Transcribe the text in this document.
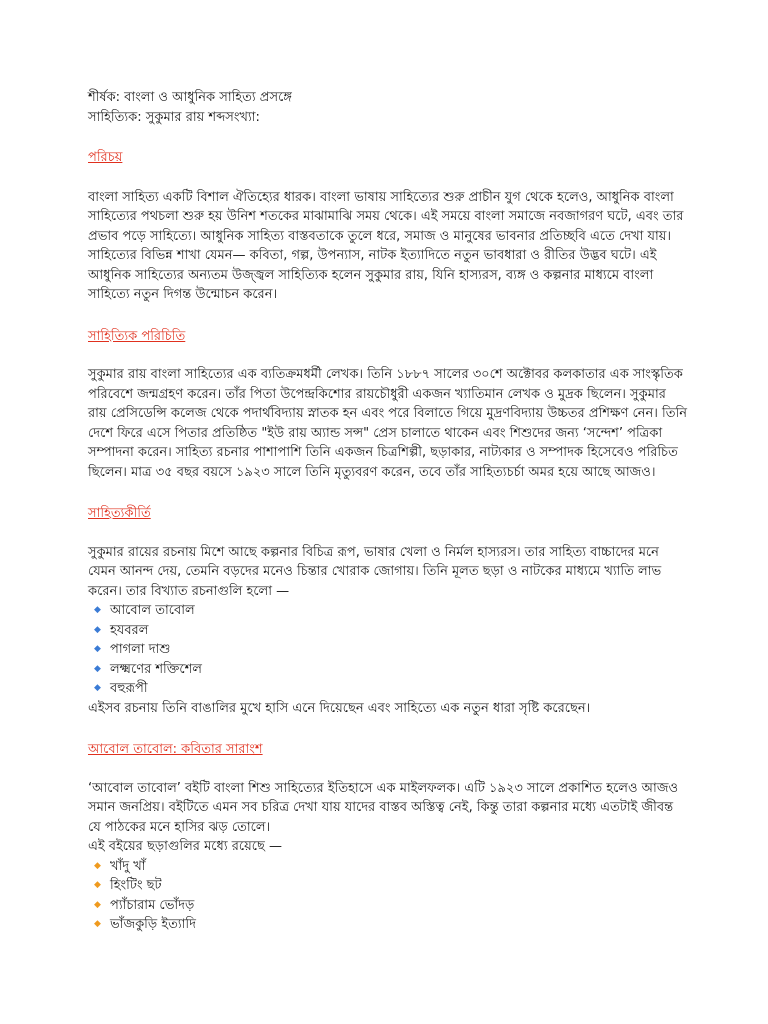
শীর্ষক: বাংলা ও আধুনিক সাহিত্য প্রসঙ্গে

সাহিত্যিক: সুকুমার রায় শব্দসংখ্যা:

পরিচয়

বাংলা সাহিত্য একটি বিশাল ঐতিহ্যের ধারক। বাংলা ভাষায় সাহিত্যের শুরু প্রাচীন যুগ থেকে হলেও, আধুনিক বাংলা সাহিত্যের পথচলা শুরু হয় উনিশ শতকের মাঝামাঝি সময় থেকে। এই সময়ে বাংলা সমাজে নবজাগরণ ঘটে, এবং তার প্রভাব পড়ে সাহিত্যে। আধুনিক সাহিত্য বাস্তবতাকে তুলে ধরে, সমাজ ও মানুষের ভাবনার প্রতিচ্ছবি এতে দেখা যায়। সাহিত্যের বিভিন্ন শাখা যেমন— কবিতা, গল্প, উপন্যাস, নাটক ইত্যাদিতে নতুন ভাবধারা ও রীতির উদ্ভব ঘটে। এই আধুনিক সাহিত্যের অন্যতম উজ্জ্বল সাহিত্যিক হলেন সুকুমার রায়, যিনি হাস্যরস, ব্যঙ্গ ও কল্পনার মাধ্যমে বাংলা সাহিত্যে নতুন দিগন্ত উন্মোচন করেন।

সাহিত্যিক পরিচিতি

সুকুমার রায় বাংলা সাহিত্যের এক ব্যতিক্রমধর্মী লেখক। তিনি ১৮৮৭ সালের ৩০শে অক্টোবর কলকাতার এক সাংস্কৃতিক পরিবেশে জন্মগ্রহণ করেন। তাঁর পিতা উপেন্দ্রকিশোর রায়চৌধুরী একজন খ্যাতিমান লেখক ও মুদ্রক ছিলেন। সুকুমার রায় প্রেসিডেন্সি কলেজ থেকে পদার্থবিদ্যায় স্নাতক হন এবং পরে বিলাতে গিয়ে মুদ্রণবিদ্যায় উচ্চতর প্রশিক্ষণ নেন। তিনি দেশে ফিরে এসে পিতার প্রতিষ্ঠিত "ইউ রায় অ্যান্ড সন্স" প্রেস চালাতে থাকেন এবং শিশুদের জন্য ‘সন্দেশ’ পত্রিকা সম্পাদনা করেন। সাহিত্য রচনার পাশাপাশি তিনি একজন চিত্রশিল্পী, ছড়াকার, নাট্যকার ও সম্পাদক হিসেবেও পরিচিত ছিলেন। মাত্র ৩৫ বছর বয়সে ১৯২৩ সালে তিনি মৃত্যুবরণ করেন, তবে তাঁর সাহিত্যচর্চা অমর হয়ে আছে আজও।

সাহিত্যকীর্তি

সুকুমার রায়ের রচনায় মিশে আছে কল্পনার বিচিত্র রূপ, ভাষার খেলা ও নির্মল হাস্যরস। তার সাহিত্য বাচ্চাদের মনে যেমন আনন্দ দেয়, তেমনি বড়দের মনেও চিন্তার খোরাক জোগায়। তিনি মূলত ছড়া ও নাটকের মাধ্যমে খ্যাতি লাভ করেন। তার বিখ্যাত রচনাগুলি হলো —

◆ আবোল তাবোল
◆ হযবরল
◆ পাগলা দাশু
◆ লক্ষ্মণের শক্তিশেল
◆ বহুরূপী

এইসব রচনায় তিনি বাঙালির মুখে হাসি এনে দিয়েছেন এবং সাহিত্যে এক নতুন ধারা সৃষ্টি করেছেন।

আবোল তাবোল: কবিতার সারাংশ

‘আবোল তাবোল’ বইটি বাংলা শিশু সাহিত্যের ইতিহাসে এক মাইলফলক। এটি ১৯২৩ সালে প্রকাশিত হলেও আজও সমান জনপ্রিয়। বইটিতে এমন সব চরিত্র দেখা যায় যাদের বাস্তব অস্তিত্ব নেই, কিন্তু তারা কল্পনার মধ্যে এতটাই জীবন্ত যে পাঠকের মনে হাসির ঝড় তোলে।

এই বইয়ের ছড়াগুলির মধ্যে রয়েছে —

◆ খাঁদু খাঁ
◆ হিংটিং ছট
◆ প্যাঁচারাম ভোঁদড়
◆ ভাঁজকুড়ি ইত্যাদি
